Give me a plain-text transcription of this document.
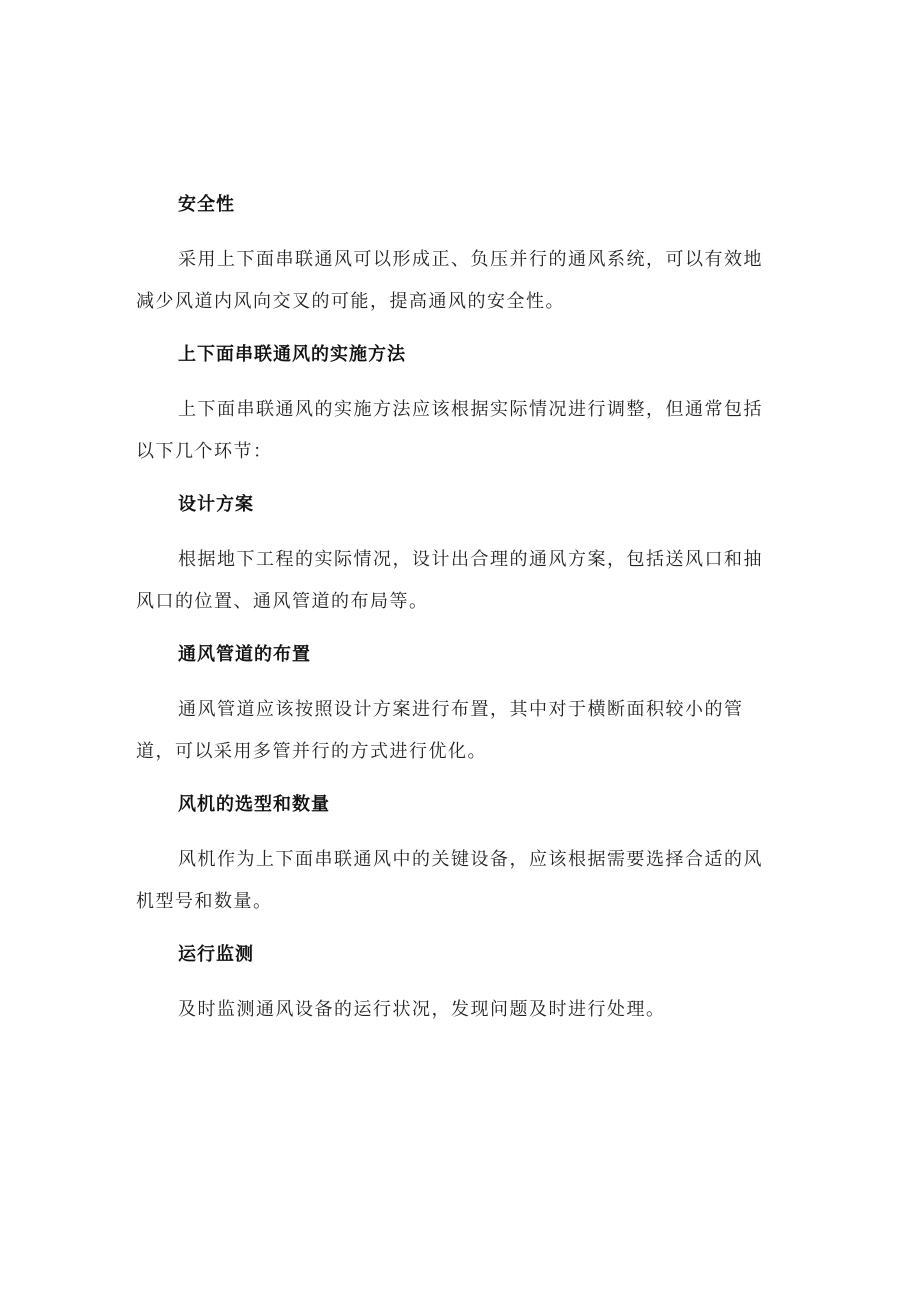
安全性

采用上下面串联通风可以形成正、负压并行的通风系统，可以有效地
减少风道内风向交叉的可能，提高通风的安全性。

上下面串联通风的实施方法

上下面串联通风的实施方法应该根据实际情况进行调整，但通常包括
以下几个环节：

设计方案

根据地下工程的实际情况，设计出合理的通风方案，包括送风口和抽
风口的位置、通风管道的布局等。

通风管道的布置

通风管道应该按照设计方案进行布置，其中对于横断面积较小的管
道，可以采用多管并行的方式进行优化。

风机的选型和数量

风机作为上下面串联通风中的关键设备，应该根据需要选择合适的风
机型号和数量。

运行监测

及时监测通风设备的运行状况，发现问题及时进行处理。
